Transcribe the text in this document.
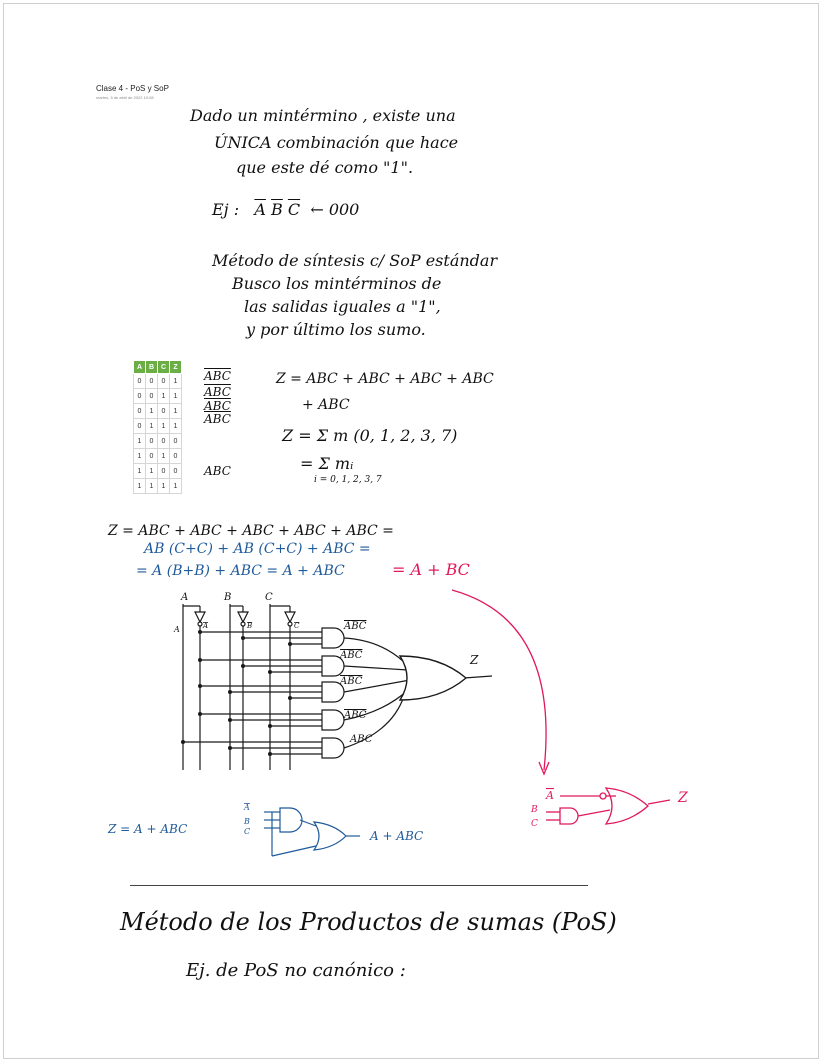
Clase 4 - PoS y SoP
martes, 5 de abril de 2022 10:08
Dado un mintérmino , existe una
ÚNICA combinación que hace
que este dé como "1".
Ej : $\overline{A}$ $\overline{B}$ $\overline{C}$ ← 000
Método de síntesis c/ SoP estándar
Busco los mintérminos de
las salidas iguales a "1",
y por último los sumo.
A	B	C	Z
0	0	0	1
0	0	1	1
0	1	0	1
0	1	1	1
1	0	0	0
1	0	1	0
1	1	0	0
1	1	1	1
$\overline{ABC}$
$\overline{ABC}$
$\overline{ABC}$
$\overline{ABC}$
ABC
Z = ABC + ABC + ABC + ABC
+ ABC
Z = Σ m (0, 1, 2, 3, 7)
= Σ mᵢ
i = 0, 1, 2, 3, 7
Z = ABC + ABC + ABC + ABC + ABC =
AB (C+C) + AB (C+C) + ABC =
= A (B+B) + ABC = A + ABC	= A + BC
A	B	C
A	A	B	C	ABC
ABC
ABC
ABC
ABC
Z
A
B
C
Z
A
B
C
Z = A + ABC	A + ABC
Método de los Productos de sumas (PoS)
Ej. de PoS no canónico :
